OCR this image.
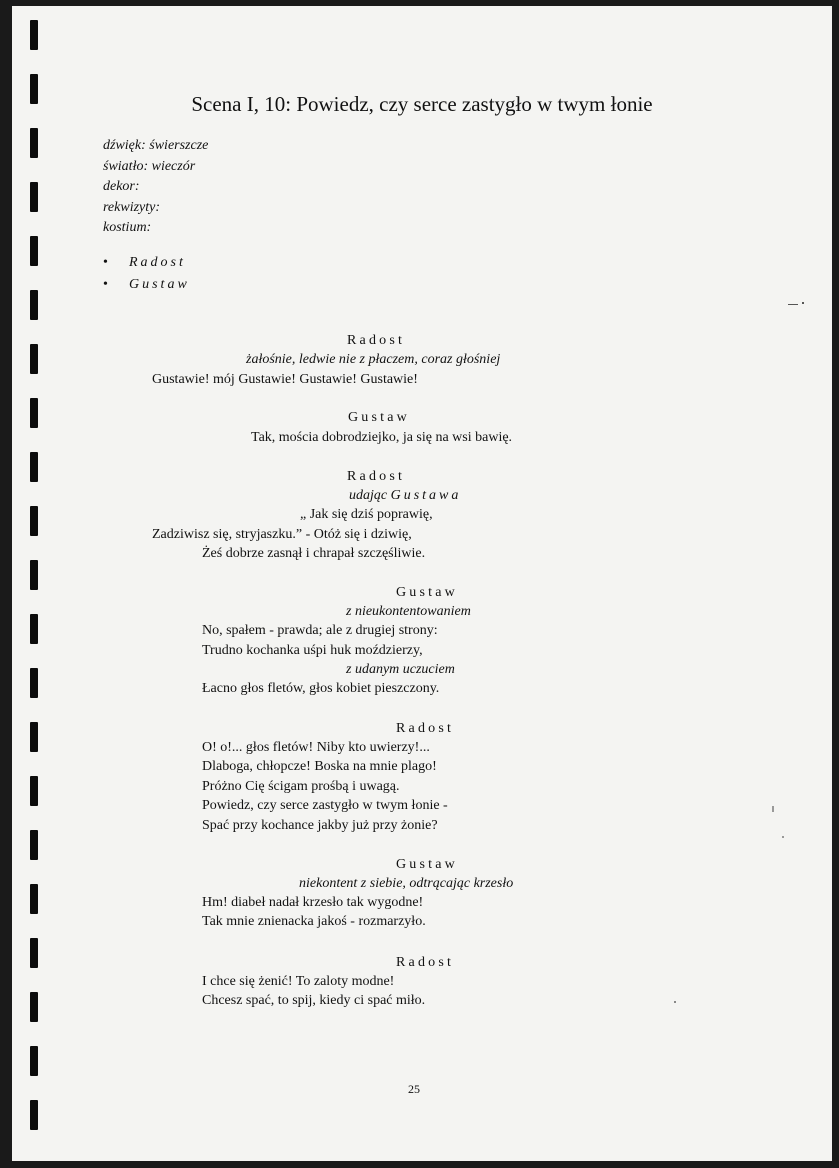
Scena I, 10: Powiedz, czy serce zastygło w twym łonie
dźwięk: świerszcze
światło: wieczór
dekor:
rekwizyty:
kostium:
• Radost
• Gustaw
Radost
żałośnie, ledwie nie z płaczem, coraz głośniej
Gustawie! mój Gustawie! Gustawie! Gustawie!
Gustaw
Tak, mościa dobrodziejko, ja się na wsi bawię.
Radost
udając Gustawa
„ Jak się dziś poprawię,
Zadziwisz się, stryjaszku.” - Otóż się i dziwię,
Żeś dobrze zasnął i chrapał szczęśliwie.
Gustaw
z nieukontentowaniem
No, spałem - prawda; ale z drugiej strony:
Trudno kochanka uśpi huk moździerzy,
z udanym uczuciem
Łacno głos fletów, głos kobiet pieszczony.
Radost
O! o!... głos fletów! Niby kto uwierzy!...
Dlaboga, chłopcze! Boska na mnie plago!
Próżno Cię ścigam prośbą i uwagą.
Powiedz, czy serce zastygło w twym łonie -
Spać przy kochance jakby już przy żonie?
Gustaw
niekontent z siebie, odtrącając krzesło
Hm! diabeł nadał krzesło tak wygodne!
Tak mnie znienacka jakoś - rozmarzyło.
Radost
I chce się żenić! To zaloty modne!
Chcesz spać, to spij, kiedy ci spać miło.
25
